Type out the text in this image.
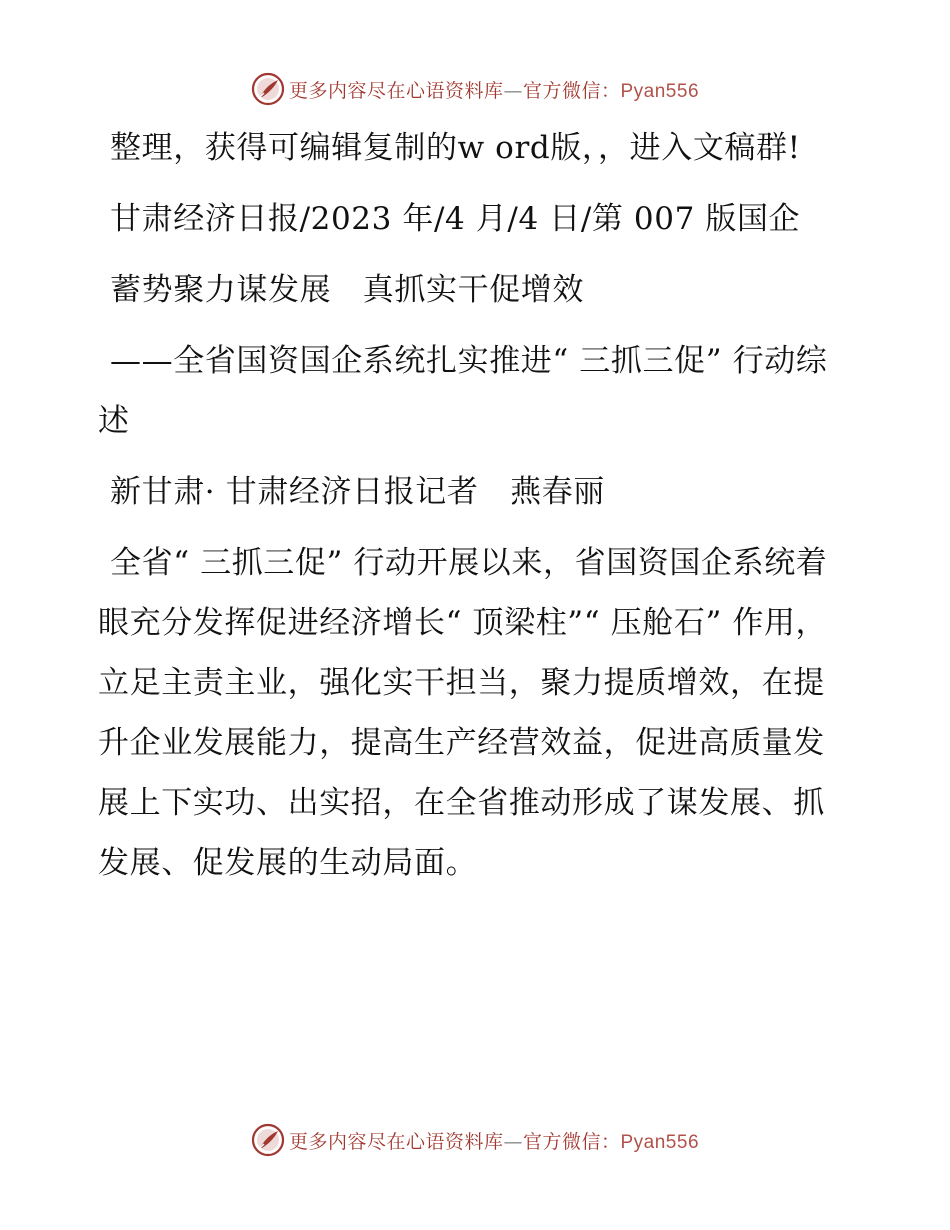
更多内容尽在心语资料库—官方微信：Pyan556

整理，获得可编辑复制的w ord版，，进入文稿群!

甘肃经济日报/2023 年/4 月/4 日/第 007 版国企

蓄势聚力谋发展　真抓实干促增效

——全省国资国企系统扎实推进“ 三抓三促” 行动综述

新甘肃· 甘肃经济日报记者　燕春丽

全省“ 三抓三促” 行动开展以来，省国资国企系统着眼充分发挥促进经济增长“ 顶梁柱”“ 压舱石” 作用，立足主责主业，强化实干担当，聚力提质增效，在提升企业发展能力，提高生产经营效益，促进高质量发展上下实功、出实招，在全省推动形成了谋发展、抓发展、促发展的生动局面。

更多内容尽在心语资料库—官方微信：Pyan556
